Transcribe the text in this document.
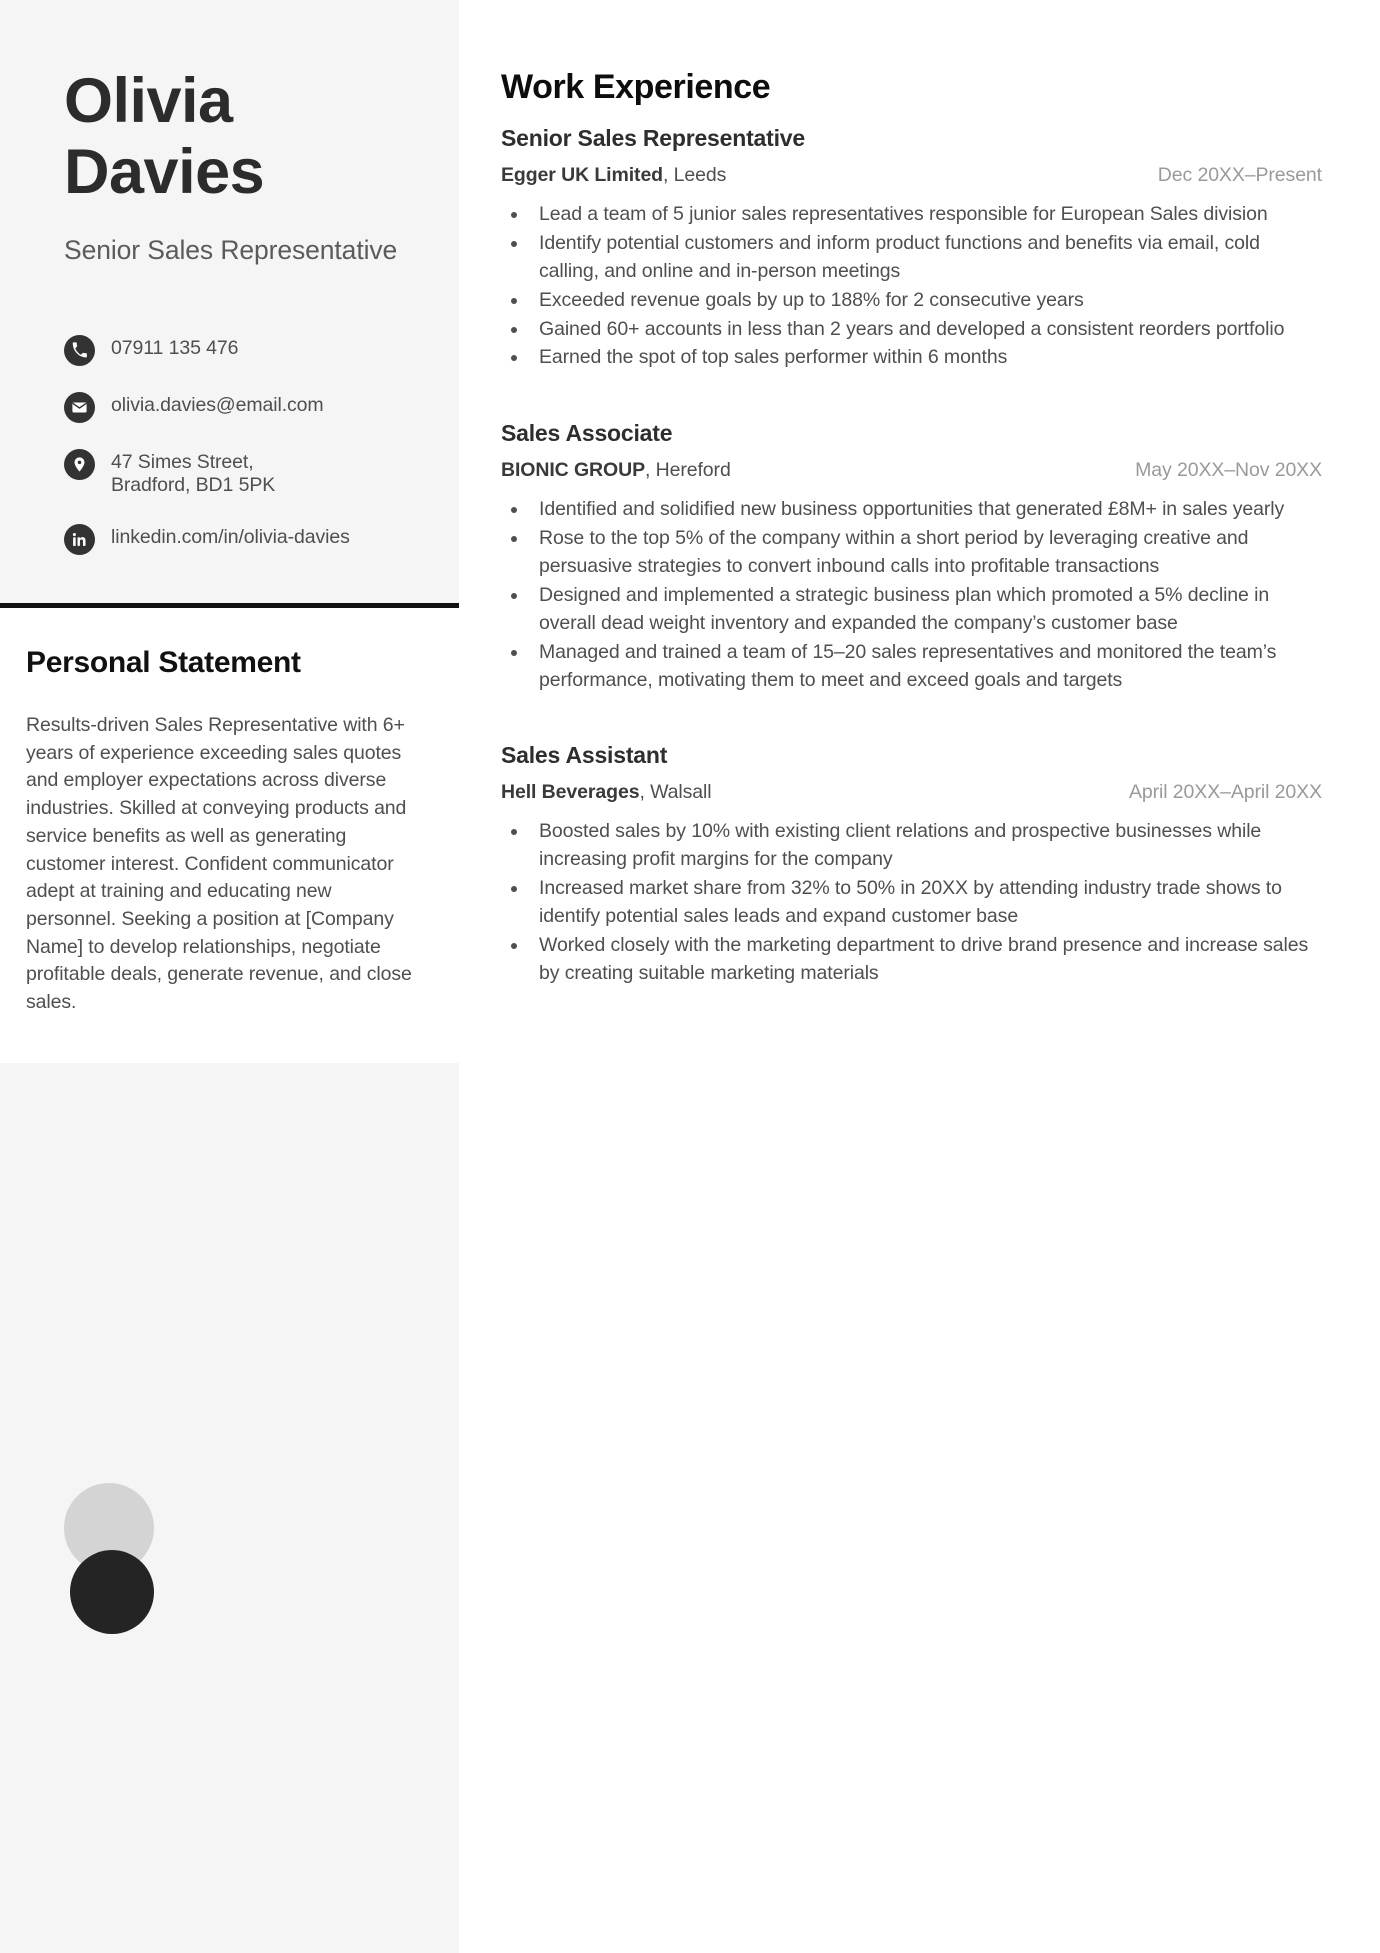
Olivia
Davies
Senior Sales Representative
07911 135 476
olivia.davies@email.com
47 Simes Street,
Bradford, BD1 5PK
linkedin.com/in/olivia-davies
Personal Statement
Results-driven Sales Representative with 6+ years of experience exceeding sales quotes and employer expectations across diverse industries. Skilled at conveying products and service benefits as well as generating customer interest. Confident communicator adept at training and educating new personnel. Seeking a position at [Company Name] to develop relationships, negotiate profitable deals, generate revenue, and close sales.
Work Experience
Senior Sales Representative
Egger UK Limited, Leeds	Dec 20XX–Present
Lead a team of 5 junior sales representatives responsible for European Sales division
Identify potential customers and inform product functions and benefits via email, cold calling, and online and in-person meetings
Exceeded revenue goals by up to 188% for 2 consecutive years
Gained 60+ accounts in less than 2 years and developed a consistent reorders portfolio
Earned the spot of top sales performer within 6 months
Sales Associate
BIONIC GROUP, Hereford	May 20XX–Nov 20XX
Identified and solidified new business opportunities that generated £8M+ in sales yearly
Rose to the top 5% of the company within a short period by leveraging creative and persuasive strategies to convert inbound calls into profitable transactions
Designed and implemented a strategic business plan which promoted a 5% decline in overall dead weight inventory and expanded the company’s customer base
Managed and trained a team of 15–20 sales representatives and monitored the team’s performance, motivating them to meet and exceed goals and targets
Sales Assistant
Hell Beverages, Walsall	April 20XX–April 20XX
Boosted sales by 10% with existing client relations and prospective businesses while increasing profit margins for the company
Increased market share from 32% to 50% in 20XX by attending industry trade shows to identify potential sales leads and expand customer base
Worked closely with the marketing department to drive brand presence and increase sales by creating suitable marketing materials
